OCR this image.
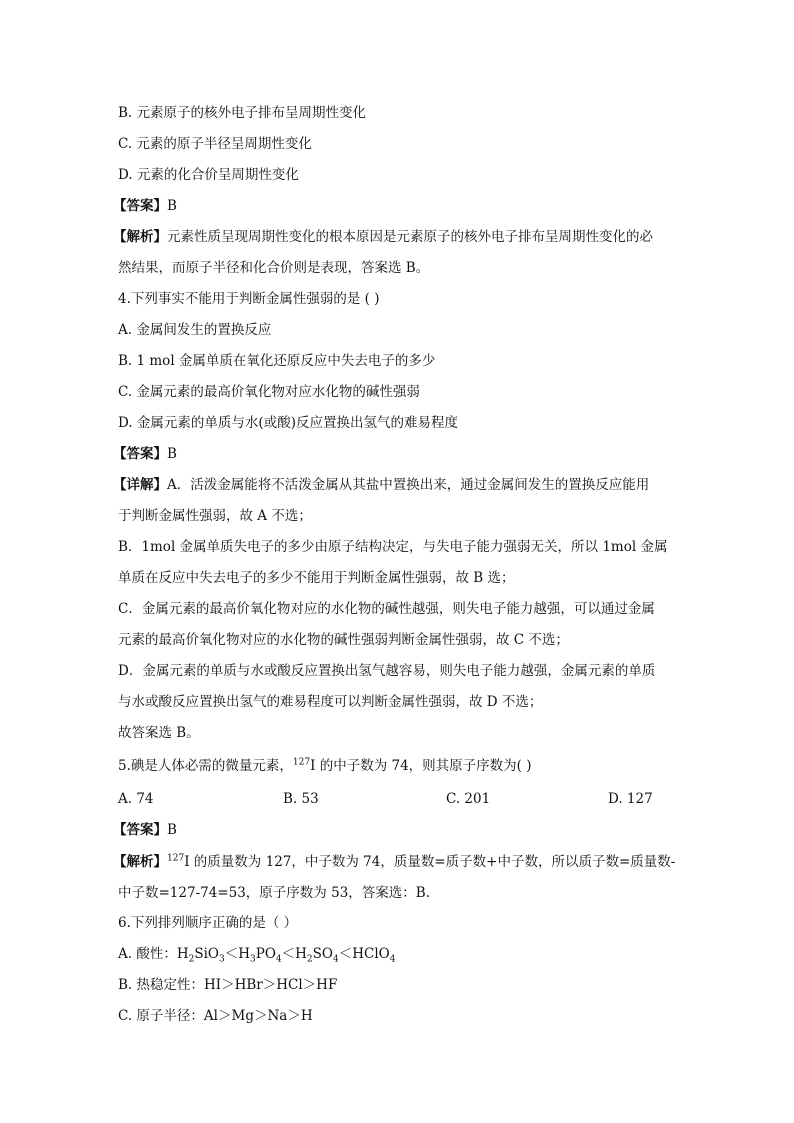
B. 元素原子的核外电子排布呈周期性变化
C. 元素的原子半径呈周期性变化
D. 元素的化合价呈周期性变化
【答案】B
【解析】元素性质呈现周期性变化的根本原因是元素原子的核外电子排布呈周期性变化的必
然结果，而原子半径和化合价则是表现，答案选 B。
4.下列事实不能用于判断金属性强弱的是 ( )
A. 金属间发生的置换反应
B. 1 mol 金属单质在氧化还原反应中失去电子的多少
C. 金属元素的最高价氧化物对应水化物的碱性强弱
D. 金属元素的单质与水(或酸)反应置换出氢气的难易程度
【答案】B
【详解】A．活泼金属能将不活泼金属从其盐中置换出来，通过金属间发生的置换反应能用
于判断金属性强弱，故 A 不选；
B．1mol 金属单质失电子的多少由原子结构决定，与失电子能力强弱无关，所以 1mol 金属
单质在反应中失去电子的多少不能用于判断金属性强弱，故 B 选；
C．金属元素的最高价氧化物对应的水化物的碱性越强，则失电子能力越强，可以通过金属
元素的最高价氧化物对应的水化物的碱性强弱判断金属性强弱，故 C 不选；
D．金属元素的单质与水或酸反应置换出氢气越容易，则失电子能力越强，金属元素的单质
与水或酸反应置换出氢气的难易程度可以判断金属性强弱，故 D 不选；
故答案选 B。
5.碘是人体必需的微量元素，$^{127}$I 的中子数为 74，则其原子序数为( )
A. 74	B. 53	C. 201	D. 127
【答案】B
【解析】$^{127}$I 的质量数为 127，中子数为 74，质量数=质子数+中子数，所以质子数=质量数-
中子数=127-74=53，原子序数为 53，答案选：B.
6.下列排列顺序正确的是（ ）
A. 酸性：$H_2SiO_3<H_3PO_4<H_2SO_4<HClO_4$
B. 热稳定性：HI＞HBr＞HCl＞HF
C. 原子半径：Al＞Mg＞Na＞H
